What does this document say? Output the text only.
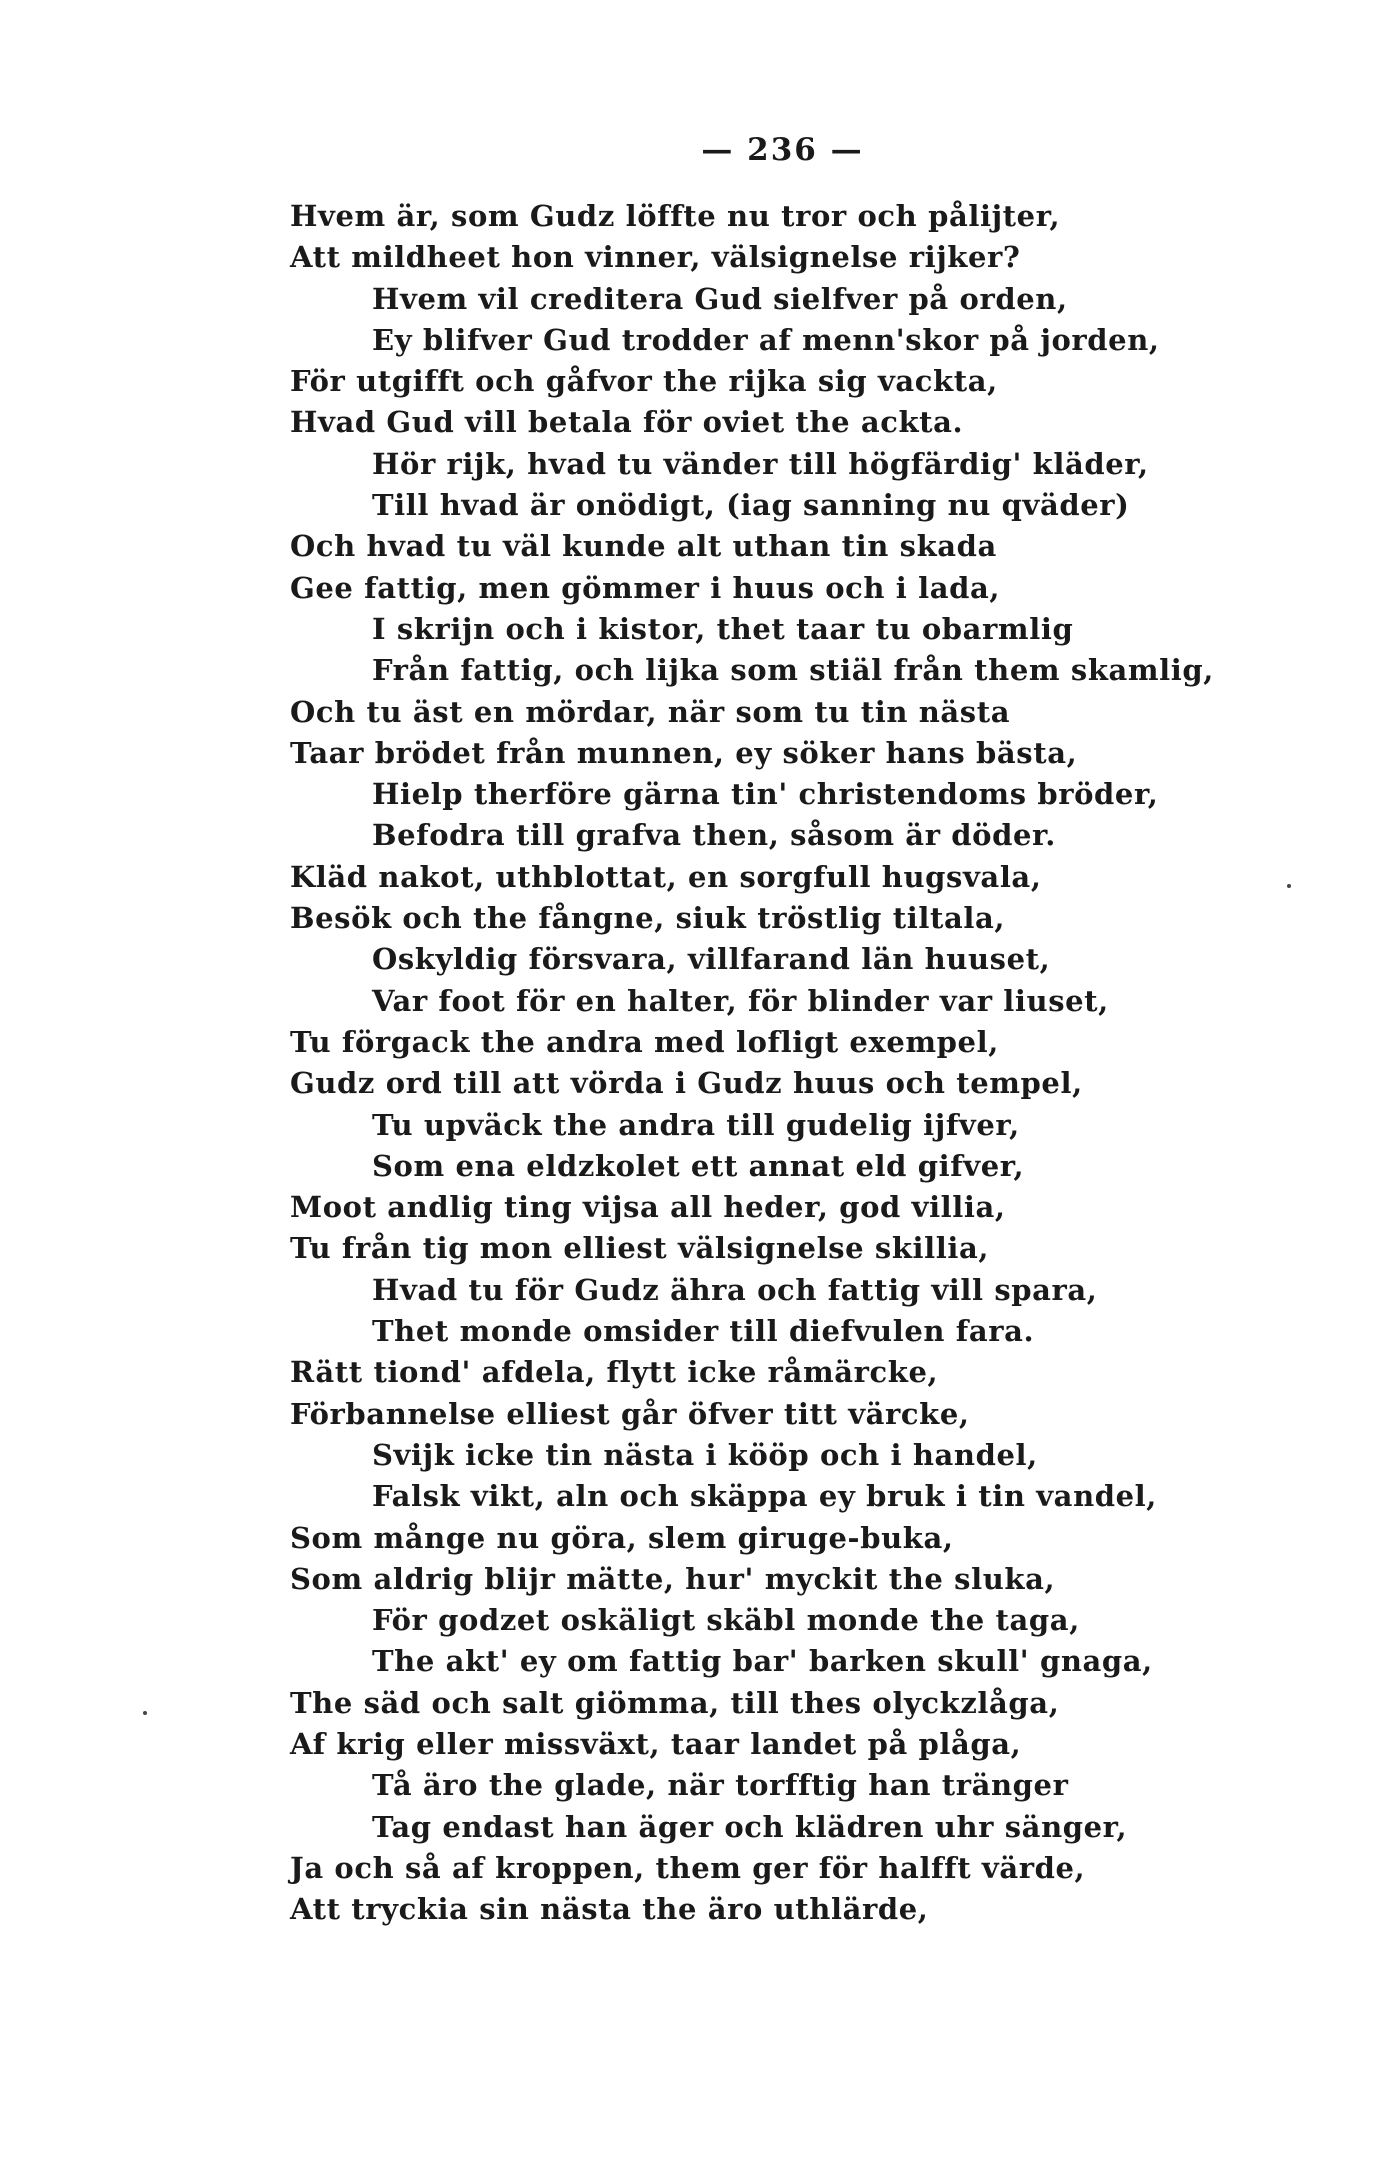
— 236 —
Hvem är, som Gudz löffte nu tror och pålijter,
Att mildheet hon vinner, välsignelse rijker?
Hvem vil creditera Gud sielfver på orden,
Ey blifver Gud trodder af menn'skor på jorden,
För utgifft och gåfvor the rijka sig vackta,
Hvad Gud vill betala för oviet the ackta.
Hör rijk, hvad tu vänder till högfärdig' kläder,
Till hvad är onödigt, (iag sanning nu qväder)
Och hvad tu väl kunde alt uthan tin skada
Gee fattig, men gömmer i huus och i lada,
I skrijn och i kistor, thet taar tu obarmlig
Från fattig, och lijka som stiäl från them skamlig,
Och tu äst en mördar, när som tu tin nästa
Taar brödet från munnen, ey söker hans bästa,
Hielp therföre gärna tin' christendoms bröder,
Befodra till grafva then, såsom är döder.
Kläd nakot, uthblottat, en sorgfull hugsvala,
Besök och the fångne, siuk tröstlig tiltala,
Oskyldig försvara, villfarand län huuset,
Var foot för en halter, för blinder var liuset,
Tu förgack the andra med lofligt exempel,
Gudz ord till att vörda i Gudz huus och tempel,
Tu upväck the andra till gudelig ijfver,
Som ena eldzkolet ett annat eld gifver,
Moot andlig ting vijsa all heder, god villia,
Tu från tig mon elliest välsignelse skillia,
Hvad tu för Gudz ähra och fattig vill spara,
Thet monde omsider till diefvulen fara.
Rätt tiond' afdela, flytt icke råmärcke,
Förbannelse elliest går öfver titt värcke,
Svijk icke tin nästa i kööp och i handel,
Falsk vikt, aln och skäppa ey bruk i tin vandel,
Som månge nu göra, slem giruge-buka,
Som aldrig blijr mätte, hur' myckit the sluka,
För godzet oskäligt skäbl monde the taga,
The akt' ey om fattig bar' barken skull' gnaga,
The säd och salt giömma, till thes olyckzlåga,
Af krig eller missväxt, taar landet på plåga,
Tå äro the glade, när torfftig han tränger
Tag endast han äger och klädren uhr sänger,
Ja och så af kroppen, them ger för halfft värde,
Att tryckia sin nästa the äro uthlärde,
